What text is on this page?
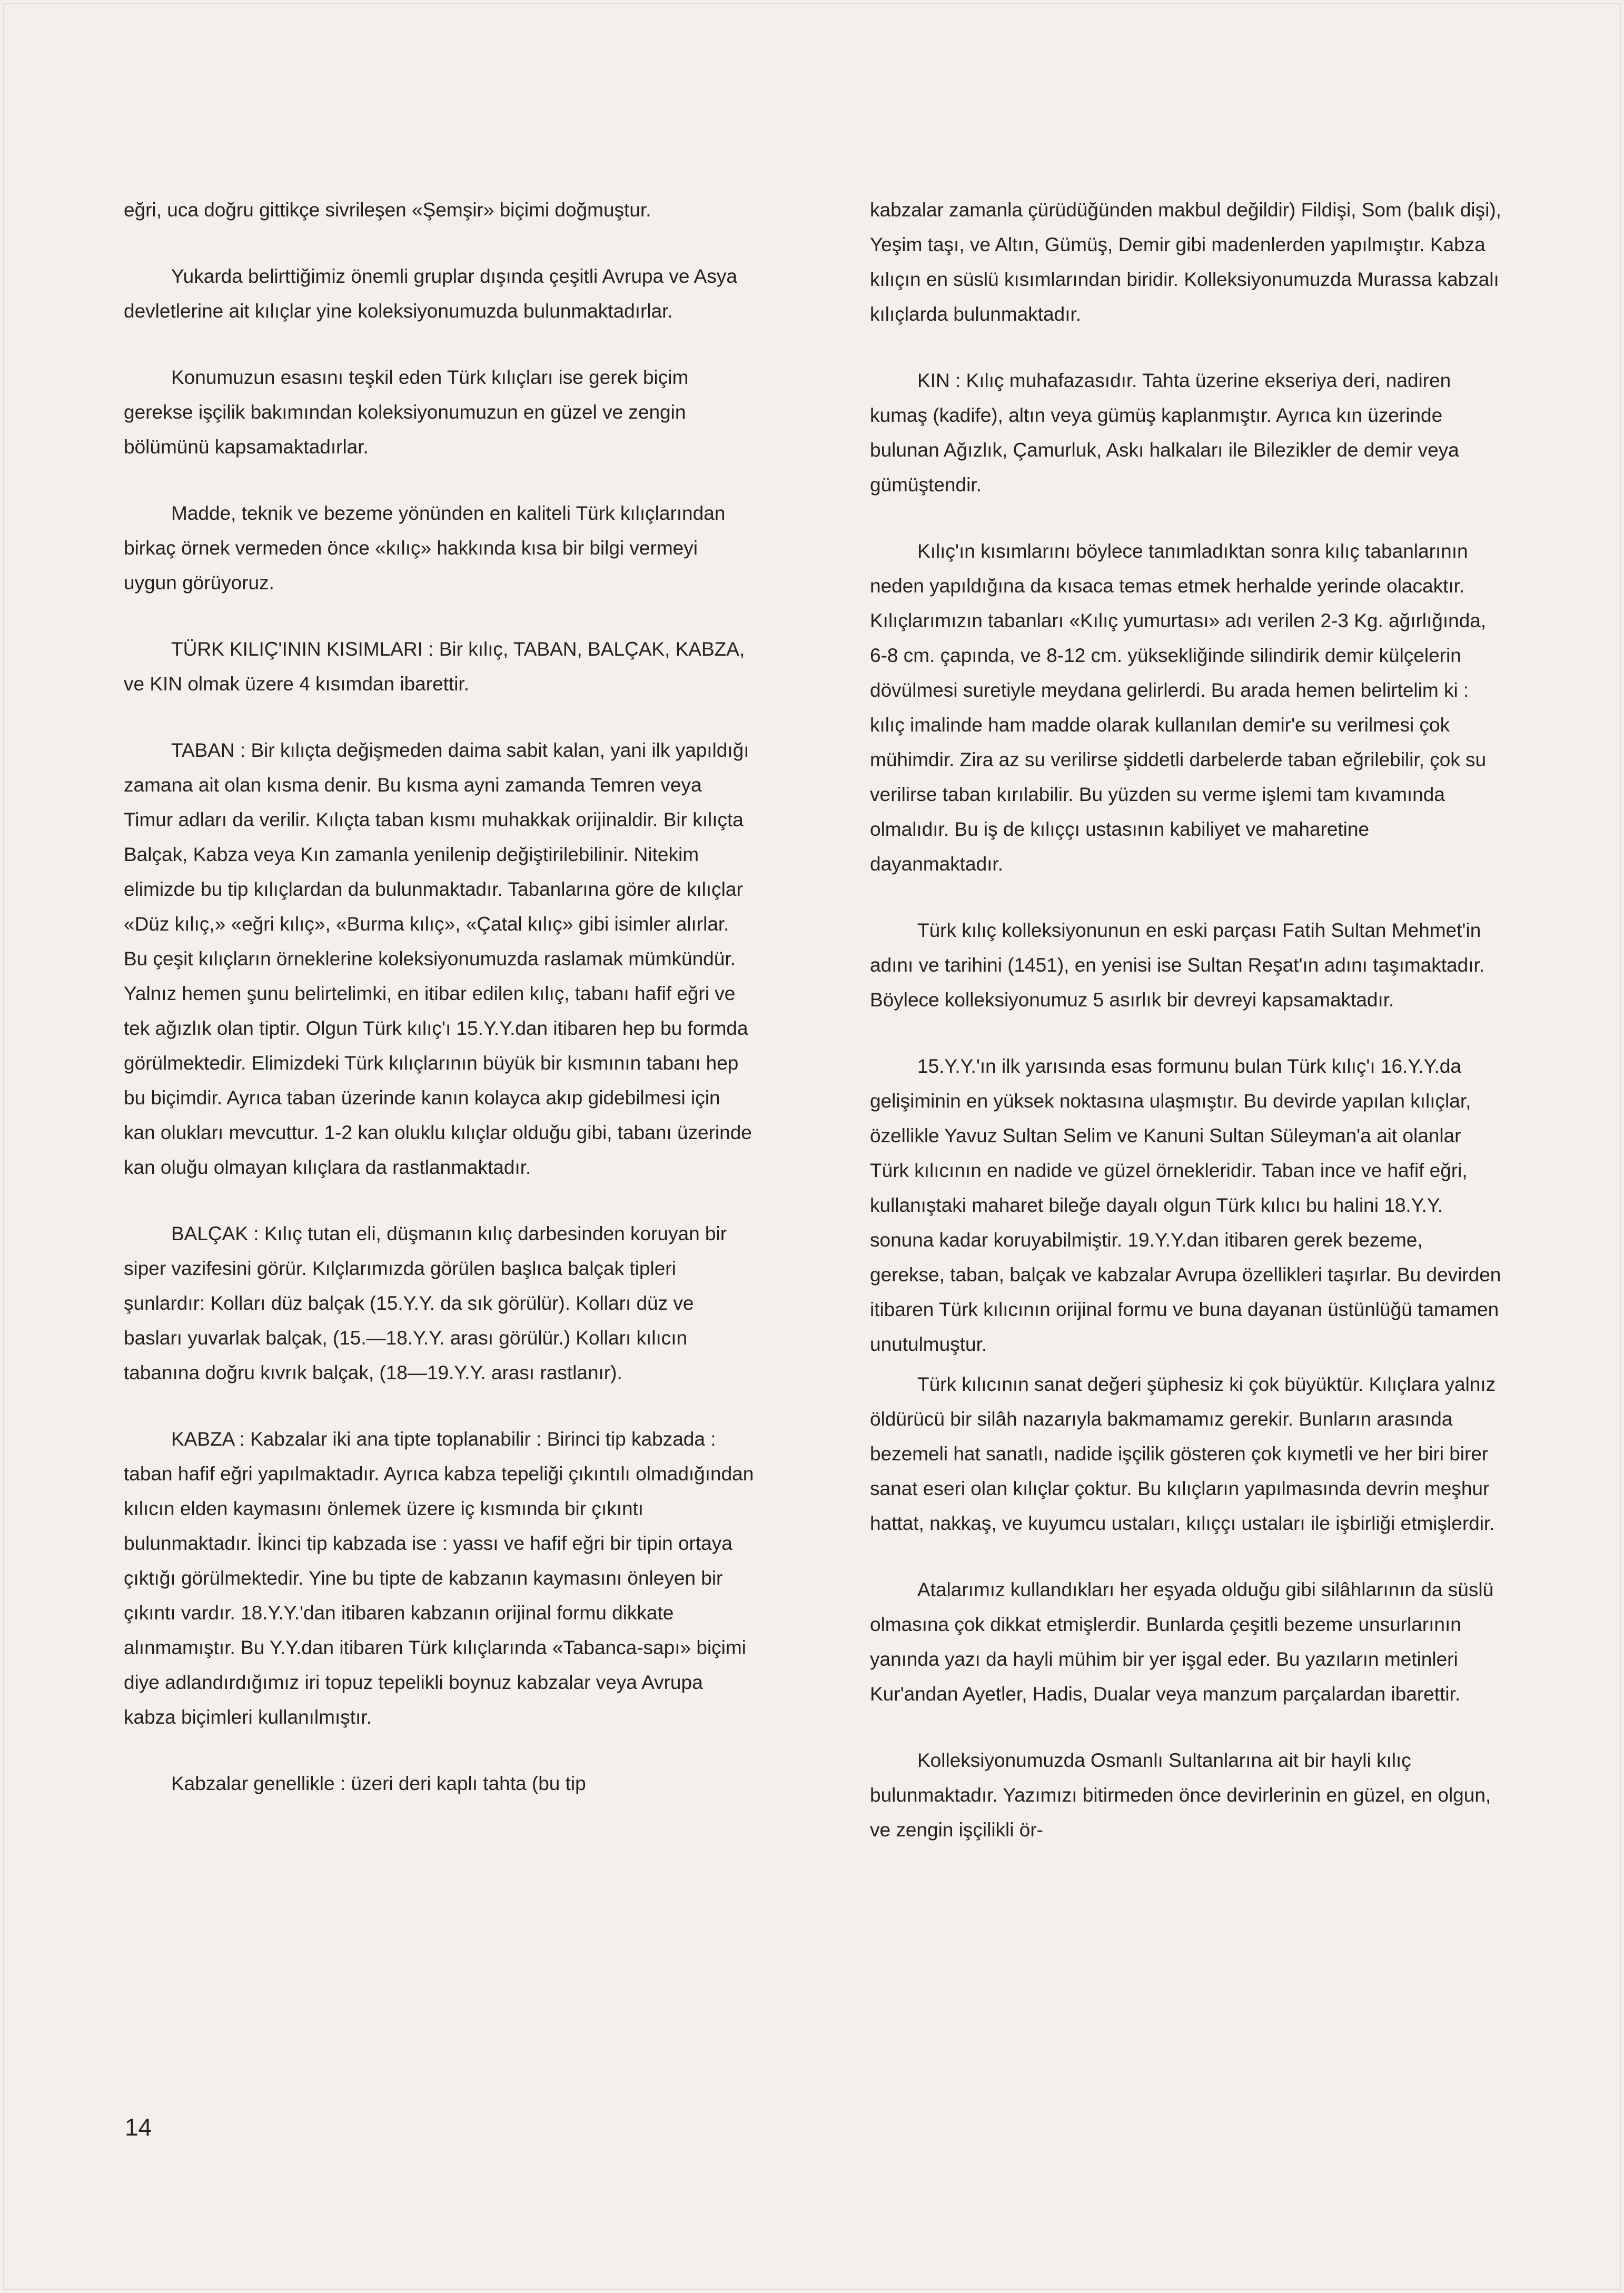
eğri, uca doğru gittikçe sivrileşen «Şemşir» biçimi doğmuştur.

Yukarda belirttiğimiz önemli gruplar dışında çeşitli Avrupa ve Asya devletlerine ait kılıçlar yine koleksiyonumuzda bulunmaktadırlar.

Konumuzun esasını teşkil eden Türk kılıçları ise gerek biçim gerekse işçilik bakımından koleksiyonumuzun en güzel ve zengin bölümünü kapsamaktadırlar.

Madde, teknik ve bezeme yönünden en kaliteli Türk kılıçlarından birkaç örnek vermeden önce «kılıç» hakkında kısa bir bilgi vermeyi uygun görüyoruz.

TÜRK KILIÇ'ININ KISIMLARI : Bir kılıç, TABAN, BALÇAK, KABZA, ve KIN olmak üzere 4 kısımdan ibarettir.

TABAN : Bir kılıçta değişmeden daima sabit kalan, yani ilk yapıldığı zamana ait olan kısma denir. Bu kısma ayni zamanda Temren veya Timur adları da verilir. Kılıçta taban kısmı muhakkak orijinaldir. Bir kılıçta Balçak, Kabza veya Kın zamanla yenilenip değiştirilebilinir. Nitekim elimizde bu tip kılıçlardan da bulunmaktadır. Tabanlarına göre de kılıçlar «Düz kılıç,» «eğri kılıç», «Burma kılıç», «Çatal kılıç» gibi isimler alırlar. Bu çeşit kılıçların örneklerine koleksiyonumuzda raslamak mümkündür. Yalnız hemen şunu belirtelimki, en itibar edilen kılıç, tabanı hafif eğri ve tek ağızlık olan tiptir. Olgun Türk kılıç'ı 15.Y.Y.dan itibaren hep bu formda görülmektedir. Elimizdeki Türk kılıçlarının büyük bir kısmının tabanı hep bu biçimdir. Ayrıca taban üzerinde kanın kolayca akıp gidebilmesi için kan olukları mevcuttur. 1-2 kan oluklu kılıçlar olduğu gibi, tabanı üzerinde kan oluğu olmayan kılıçlara da rastlanmaktadır.

BALÇAK : Kılıç tutan eli, düşmanın kılıç darbesinden koruyan bir siper vazifesini görür. Kılçlarımızda görülen başlıca balçak tipleri şunlardır: Kolları düz balçak (15.Y.Y. da sık görülür). Kolları düz ve basları yuvarlak balçak, (15.—18.Y.Y. arası görülür.) Kolları kılıcın tabanına doğru kıvrık balçak, (18—19.Y.Y. arası rastlanır).

KABZA : Kabzalar iki ana tipte toplanabilir : Birinci tip kabzada : taban hafif eğri yapılmaktadır. Ayrıca kabza tepeliği çıkıntılı olmadığından kılıcın elden kaymasını önlemek üzere iç kısmında bir çıkıntı bulunmaktadır. İkinci tip kabzada ise : yassı ve hafif eğri bir tipin ortaya çıktığı görülmektedir. Yine bu tipte de kabzanın kaymasını önleyen bir çıkıntı vardır. 18.Y.Y.'dan itibaren kabzanın orijinal formu dikkate alınmamıştır. Bu Y.Y.dan itibaren Türk kılıçlarında «Tabanca-sapı» biçimi diye adlandırdığımız iri topuz tepelikli boynuz kabzalar veya Avrupa kabza biçimleri kullanılmıştır.

Kabzalar genellikle : üzeri deri kaplı tahta (bu tip

kabzalar zamanla çürüdüğünden makbul değildir) Fildişi, Som (balık dişi), Yeşim taşı, ve Altın, Gümüş, Demir gibi madenlerden yapılmıştır. Kabza kılıçın en süslü kısımlarından biridir. Kolleksiyonumuzda Murassa kabzalı kılıçlarda bulunmaktadır.

KIN : Kılıç muhafazasıdır. Tahta üzerine ekseriya deri, nadiren kumaş (kadife), altın veya gümüş kaplanmıştır. Ayrıca kın üzerinde bulunan Ağızlık, Çamurluk, Askı halkaları ile Bilezikler de demir veya gümüştendir.

Kılıç'ın kısımlarını böylece tanımladıktan sonra kılıç tabanlarının neden yapıldığına da kısaca temas etmek herhalde yerinde olacaktır. Kılıçlarımızın tabanları «Kılıç yumurtası» adı verilen 2-3 Kg. ağırlığında, 6-8 cm. çapında, ve 8-12 cm. yüksekliğinde silindirik demir külçelerin dövülmesi suretiyle meydana gelirlerdi. Bu arada hemen belirtelim ki : kılıç imalinde ham madde olarak kullanılan demir'e su verilmesi çok mühimdir. Zira az su verilirse şiddetli darbelerde taban eğrilebilir, çok su verilirse taban kırılabilir. Bu yüzden su verme işlemi tam kıvamında olmalıdır. Bu iş de kılıççı ustasının kabiliyet ve maharetine dayanmaktadır.

Türk kılıç kolleksiyonunun en eski parçası Fatih Sultan Mehmet'in adını ve tarihini (1451), en yenisi ise Sultan Reşat'ın adını taşımaktadır. Böylece kolleksiyonumuz 5 asırlık bir devreyi kapsamaktadır.

15.Y.Y.'ın ilk yarısında esas formunu bulan Türk kılıç'ı 16.Y.Y.da gelişiminin en yüksek noktasına ulaşmıştır. Bu devirde yapılan kılıçlar, özellikle Yavuz Sultan Selim ve Kanuni Sultan Süleyman'a ait olanlar Türk kılıcının en nadide ve güzel örnekleridir. Taban ince ve hafif eğri, kullanıştaki maharet bileğe dayalı olgun Türk kılıcı bu halini 18.Y.Y. sonuna kadar koruyabilmiştir. 19.Y.Y.dan itibaren gerek bezeme, gerekse, taban, balçak ve kabzalar Avrupa özellikleri taşırlar. Bu devirden itibaren Türk kılıcının orijinal formu ve buna dayanan üstünlüğü tamamen unutulmuştur.

Türk kılıcının sanat değeri şüphesiz ki çok büyüktür. Kılıçlara yalnız öldürücü bir silâh nazarıyla bakmamamız gerekir. Bunların arasında bezemeli hat sanatlı, nadide işçilik gösteren çok kıymetli ve her biri birer sanat eseri olan kılıçlar çoktur. Bu kılıçların yapılmasında devrin meşhur hattat, nakkaş, ve kuyumcu ustaları, kılıççı ustaları ile işbirliği etmişlerdir.

Atalarımız kullandıkları her eşyada olduğu gibi silâhlarının da süslü olmasına çok dikkat etmişlerdir. Bunlarda çeşitli bezeme unsurlarının yanında yazı da hayli mühim bir yer işgal eder. Bu yazıların metinleri Kur'andan Ayetler, Hadis, Dualar veya manzum parçalardan ibarettir.

Kolleksiyonumuzda Osmanlı Sultanlarına ait bir hayli kılıç bulunmaktadır. Yazımızı bitirmeden önce devirlerinin en güzel, en olgun, ve zengin işçilikli ör-

14
